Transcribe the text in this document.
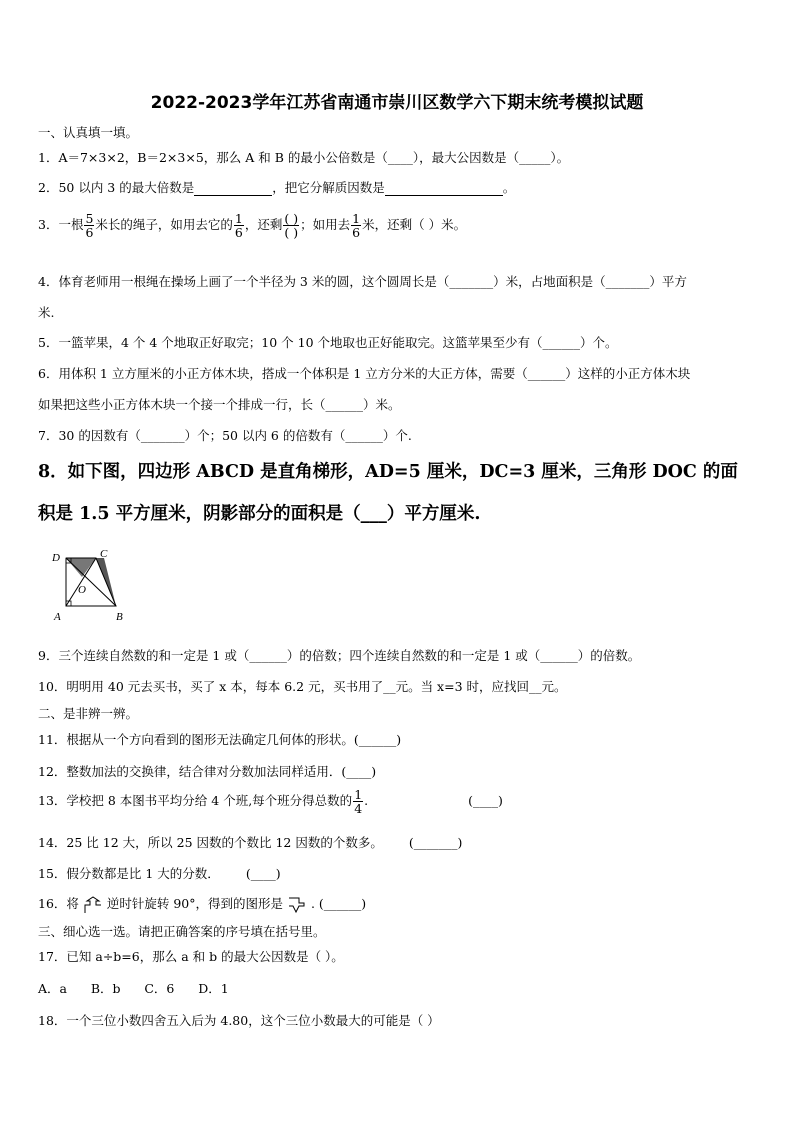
2022-2023学年江苏省南通市崇川区数学六下期末统考模拟试题
一、认真填一填。
1．A＝7×3×2，B＝2×3×5，那么 A 和 B 的最小公倍数是（____），最大公因数是（_____）。
2．50 以内 3 的最大倍数是	，把它分解质因数是	。
3．一根 $\frac{5}{6}$ 米长的绳子，如用去它的 $\frac{1}{6}$ ，还剩 $\frac{( )}{( )}$ ；如用去 $\frac{1}{6}$ 米，还剩（ ）米。
4．体育老师用一根绳在操场上画了一个半径为 3 米的圆，这个圆周长是（_______）米，占地面积是（_______）平方
米.
5．一篮苹果，4 个 4 个地取正好取完；10 个 10 个地取也正好能取完。这篮苹果至少有（______）个。
6．用体积 1 立方厘米的小正方体木块，搭成一个体积是 1 立方分米的大正方体，需要（______）这样的小正方体木块
如果把这些小正方体木块一个接一个排成一行，长（______）米。
7．30 的因数有（_______）个；50 以内 6 的倍数有（______）个.
8．如下图，四边形 ABCD 是直角梯形，AD=5 厘米，DC=3 厘米，三角形 DOC 的面
积是 1.5 平方厘米，阴影部分的面积是（___）平方厘米.
D	C
O
A	B
9．三个连续自然数的和一定是 1 或（______）的倍数；四个连续自然数的和一定是 1 或（______）的倍数。
10．明明用 40 元去买书，买了 x 本，每本 6.2 元，买书用了__元。当 x=3 时，应找回__元。
二、是非辨一辨。
11．根据从一个方向看到的图形无法确定几何体的形状。(______)
12．整数加法的交换律，结合律对分数加法同样适用．(____)
13．学校把 8 本图书平均分给 4 个班,每个班分得总数的 $\frac{1}{4}$ .	(____)
14．25 比 12 大，所以 25 因数的个数比 12 因数的个数多。 (_______)
15．假分数都是比 1 大的分数． (____)
16．将 逆时针旋转 90°，得到的图形是 . (______)
三、细心选一选。请把正确答案的序号填在括号里。
17．已知 a÷b=6，那么 a 和 b 的最大公因数是（ ）。
A．a      B．b      C．6      D．1
18．一个三位小数四舍五入后为 4.80，这个三位小数最大的可能是（ ）
